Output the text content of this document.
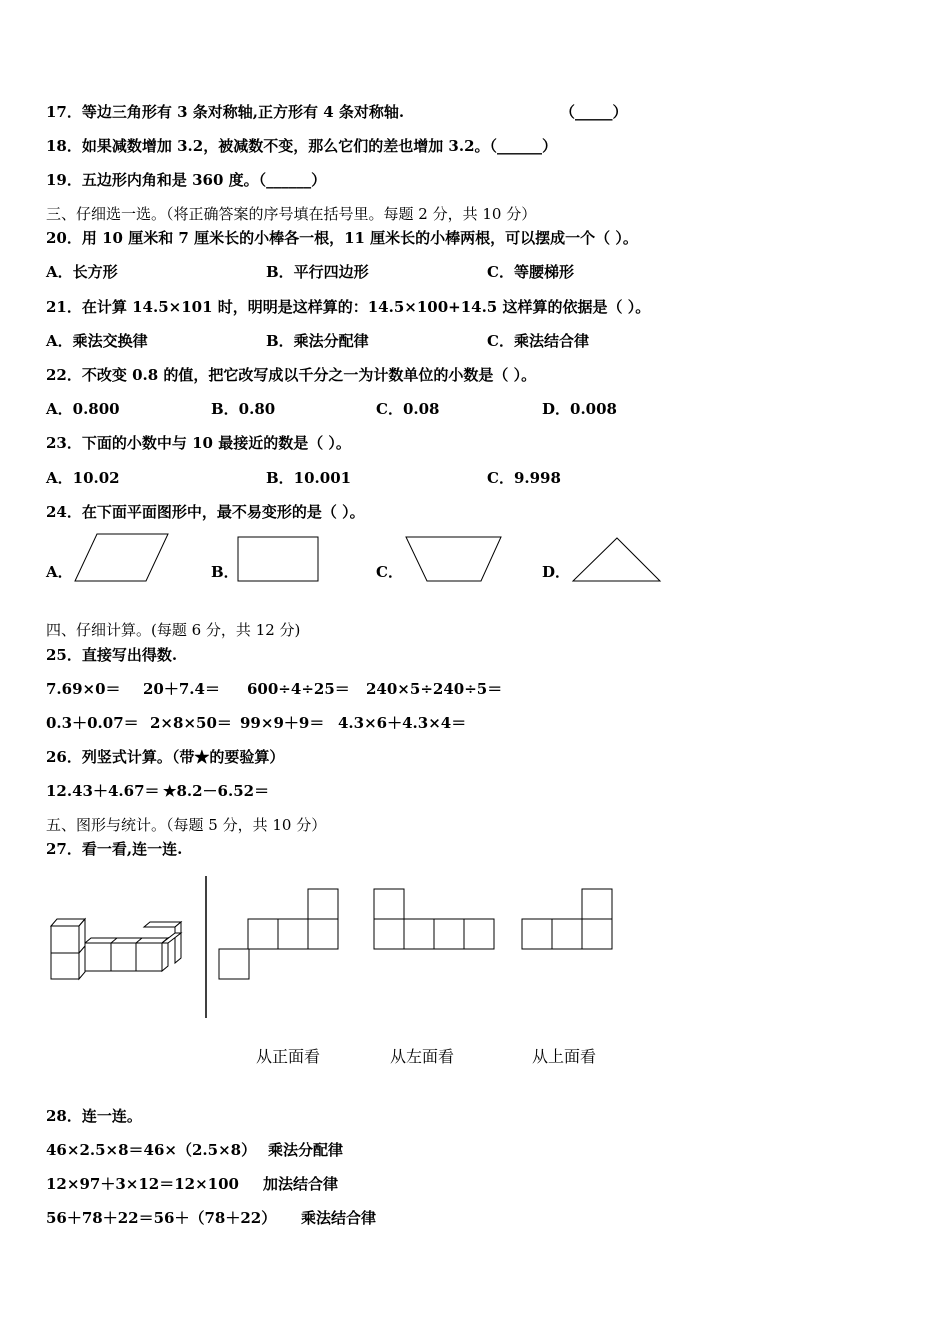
17．等边三角形有 3 条对称轴,正方形有 4 条对称轴.	（_____）
18．如果减数增加 3.2，被减数不变，那么它们的差也增加 3.2。（______）
19．五边形内角和是 360 度。（______）
三、仔细选一选。（将正确答案的序号填在括号里。每题 2 分，共 10 分）
20．用 10 厘米和 7 厘米长的小棒各一根，11 厘米长的小棒两根，可以摆成一个（ ）。
A．长方形	B．平行四边形	C．等腰梯形
21．在计算 14.5×101 时，明明是这样算的：14.5×100+14.5 这样算的依据是（ ）。
A．乘法交换律	B．乘法分配律	C．乘法结合律
22．不改变 0.8 的值，把它改写成以千分之一为计数单位的小数是（ ）。
A．0.800	B．0.80	C．0.08	D．0.008
23．下面的小数中与 10 最接近的数是（ ）。
A．10.02	B．10.001	C．9.998
24．在下面平面图形中，最不易变形的是（ ）。
A．	B．	C．	D．
四、仔细计算。(每题 6 分，共 12 分)
25．直接写出得数.
7.69×0＝ 20＋7.4＝ 600÷4÷25＝ 240×5÷240÷5＝
0.3＋0.07＝ 2×8×50＝ 99×9＋9＝ 4.3×6＋4.3×4＝
26．列竖式计算。（带★的要验算）
12.43＋4.67＝ ★8.2－6.52＝
五、图形与统计。（每题 5 分，共 10 分）
27．看一看,连一连.
从正面看	从左面看	从上面看
28．连一连。
46×2.5×8＝46×（2.5×8） 乘法分配律
12×97＋3×12＝12×100 加法结合律
56＋78＋22＝56＋（78＋22） 乘法结合律
